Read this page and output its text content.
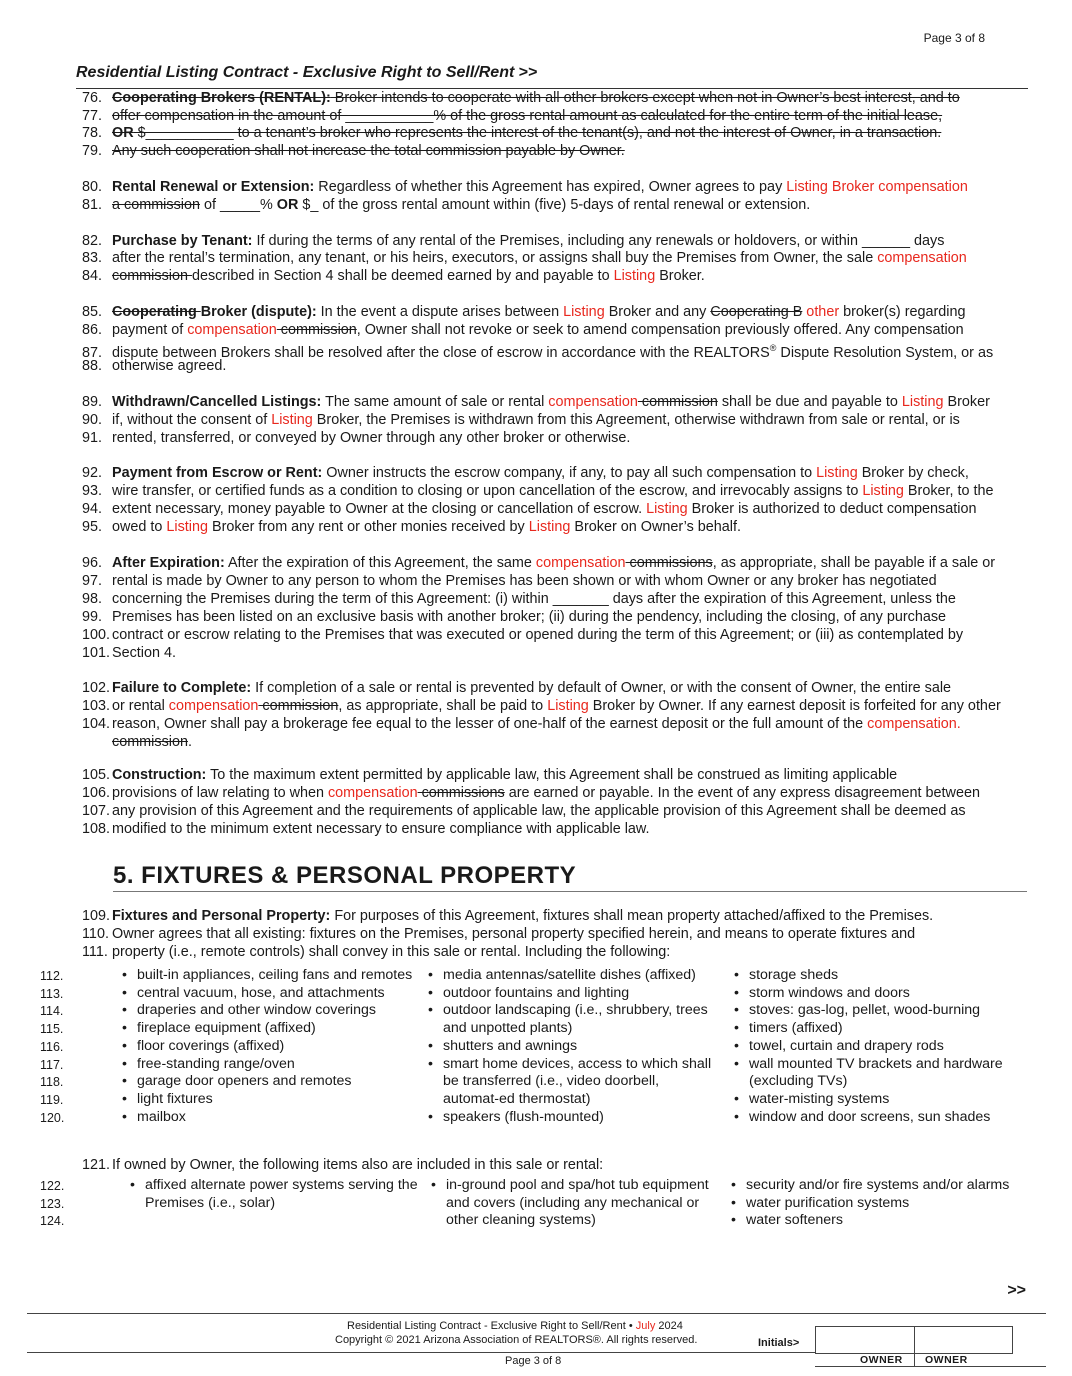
Page 3 of 8
Residential Listing Contract - Exclusive Right to Sell/Rent >>
76. Cooperating Brokers (RENTAL): Broker intends to cooperate with all other brokers except when not in Owner’s best interest, and to
77. offer compensation in the amount of ___________% of the gross rental amount as calculated for the entire term of the initial lease,
78. OR $___________ to a tenant’s broker who represents the interest of the tenant(s), and not the interest of Owner, in a transaction.
79. Any such cooperation shall not increase the total commission payable by Owner.
80. Rental Renewal or Extension: Regardless of whether this Agreement has expired, Owner agrees to pay Listing Broker compensation
81. a commission of _____% OR $_ of the gross rental amount within (five) 5-days of rental renewal or extension.
82. Purchase by Tenant: If during the terms of any rental of the Premises, including any renewals or holdovers, or within ______ days
83. after the rental’s termination, any tenant, or his heirs, executors, or assigns shall buy the Premises from Owner, the sale compensation
84. commission described in Section 4 shall be deemed earned by and payable to Listing Broker.
85. Cooperating Broker (dispute): In the event a dispute arises between Listing Broker and any Cooperating B other broker(s) regarding
86. payment of compensation commission, Owner shall not revoke or seek to amend compensation previously offered. Any compensation
87. dispute between Brokers shall be resolved after the close of escrow in accordance with the REALTORS® Dispute Resolution System, or as
88. otherwise agreed.
89. Withdrawn/Cancelled Listings: The same amount of sale or rental compensation commission shall be due and payable to Listing Broker
90. if, without the consent of Listing Broker, the Premises is withdrawn from this Agreement, otherwise withdrawn from sale or rental, or is
91. rented, transferred, or conveyed by Owner through any other broker or otherwise.
92. Payment from Escrow or Rent: Owner instructs the escrow company, if any, to pay all such compensation to Listing Broker by check,
93. wire transfer, or certified funds as a condition to closing or upon cancellation of the escrow, and irrevocably assigns to Listing Broker, to the
94. extent necessary, money payable to Owner at the closing or cancellation of escrow. Listing Broker is authorized to deduct compensation
95. owed to Listing Broker from any rent or other monies received by Listing Broker on Owner’s behalf.
96. After Expiration: After the expiration of this Agreement, the same compensation commissions, as appropriate, shall be payable if a sale or
97. rental is made by Owner to any person to whom the Premises has been shown or with whom Owner or any broker has negotiated
98. concerning the Premises during the term of this Agreement: (i) within _______ days after the expiration of this Agreement, unless the
99. Premises has been listed on an exclusive basis with another broker; (ii) during the pendency, including the closing, of any purchase
100. contract or escrow relating to the Premises that was executed or opened during the term of this Agreement; or (iii) as contemplated by
101. Section 4.
102. Failure to Complete: If completion of a sale or rental is prevented by default of Owner, or with the consent of Owner, the entire sale
103. or rental compensation commission, as appropriate, shall be paid to Listing Broker by Owner. If any earnest deposit is forfeited for any other
104. reason, Owner shall pay a brokerage fee equal to the lesser of one-half of the earnest deposit or the full amount of the compensation.
commission.
105. Construction: To the maximum extent permitted by applicable law, this Agreement shall be construed as limiting applicable
106. provisions of law relating to when compensation commissions are earned or payable. In the event of any express disagreement between
107. any provision of this Agreement and the requirements of applicable law, the applicable provision of this Agreement shall be deemed as
108. modified to the minimum extent necessary to ensure compliance with applicable law.
5. FIXTURES & PERSONAL PROPERTY
109. Fixtures and Personal Property: For purposes of this Agreement, fixtures shall mean property attached/affixed to the Premises.
110. Owner agrees that all existing: fixtures on the Premises, personal property specified herein, and means to operate fixtures and
111. property (i.e., remote controls) shall convey in this sale or rental. Including the following:
112.
113.
114.
115.
116.
117.
118.
119.
120.
• built-in appliances, ceiling fans and remotes
• central vacuum, hose, and attachments
• draperies and other window coverings
• fireplace equipment (affixed)
• floor coverings (affixed)
• free-standing range/oven
• garage door openers and remotes
• light fixtures
• mailbox
• media antennas/satellite dishes (affixed)
• outdoor fountains and lighting
• outdoor landscaping (i.e., shrubbery, trees and unpotted plants)
• shutters and awnings
• smart home devices, access to which shall be transferred (i.e., video doorbell, automat-ed thermostat)
• speakers (flush-mounted)
• storage sheds
• storm windows and doors
• stoves: gas-log, pellet, wood-burning
• timers (affixed)
• towel, curtain and drapery rods
• wall mounted TV brackets and hardware (excluding TVs)
• water-misting systems
• window and door screens, sun shades
121. If owned by Owner, the following items also are included in this sale or rental:
122.
123.
124.
• affixed alternate power systems serving the Premises (i.e., solar)
• in-ground pool and spa/hot tub equipment and covers (including any mechanical or other cleaning systems)
• security and/or fire systems and/or alarms
• water purification systems
• water softeners
>>
Residential Listing Contract - Exclusive Right to Sell/Rent • July 2024
Copyright © 2021 Arizona Association of REALTORS®. All rights reserved.
Page 3 of 8
Initials>
OWNER OWNER
